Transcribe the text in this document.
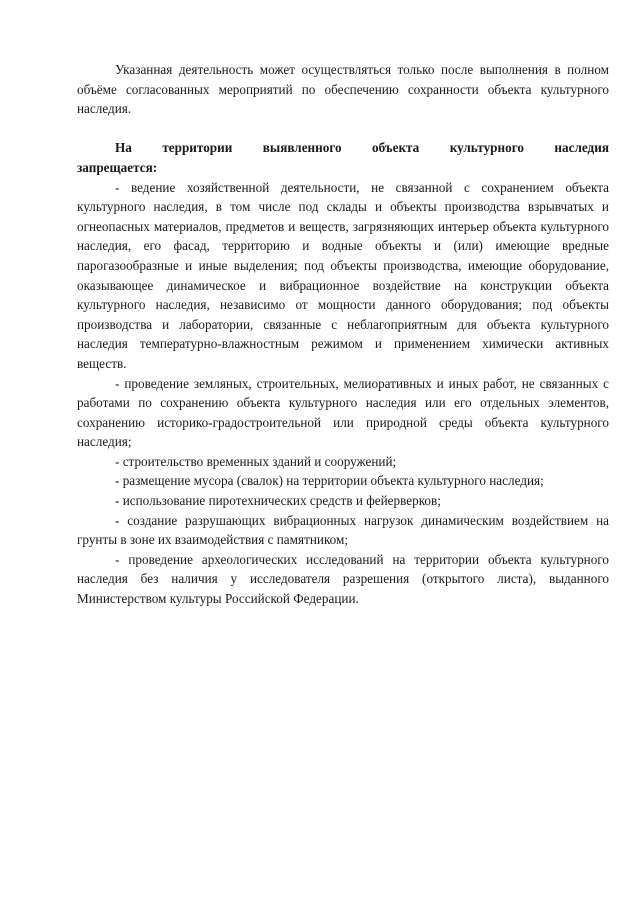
Указанная деятельность может осуществляться только после выполнения в полном объёме согласованных мероприятий по обеспечению сохранности объекта культурного наследия.

На территории выявленного объекта культурного наследия

запрещается:

- ведение хозяйственной деятельности, не связанной с сохранением объекта культурного наследия, в том числе под склады и объекты производства взрывчатых и огнеопасных материалов, предметов и веществ, загрязняющих интерьер объекта культурного наследия, его фасад, территорию и водные объекты и (или) имеющие вредные парогазообразные и иные выделения; под объекты производства, имеющие оборудование, оказывающее динамическое и вибрационное воздействие на конструкции объекта культурного наследия, независимо от мощности данного оборудования; под объекты производства и лаборатории, связанные с неблагоприятным для объекта культурного наследия температурно-влажностным режимом и применением химически активных веществ.

- проведение земляных, строительных, мелиоративных и иных работ, не связанных с работами по сохранению объекта культурного наследия или его отдельных элементов, сохранению историко-градостроительной или природной среды объекта культурного наследия;

- строительство временных зданий и сооружений;

- размещение мусора (свалок) на территории объекта культурного наследия;

- использование пиротехнических средств и фейерверков;

- создание разрушающих вибрационных нагрузок динамическим воздействием на грунты в зоне их взаимодействия с памятником;

- проведение археологических исследований на территории объекта культурного наследия без наличия у исследователя разрешения (открытого листа), выданного Министерством культуры Российской Федерации.
